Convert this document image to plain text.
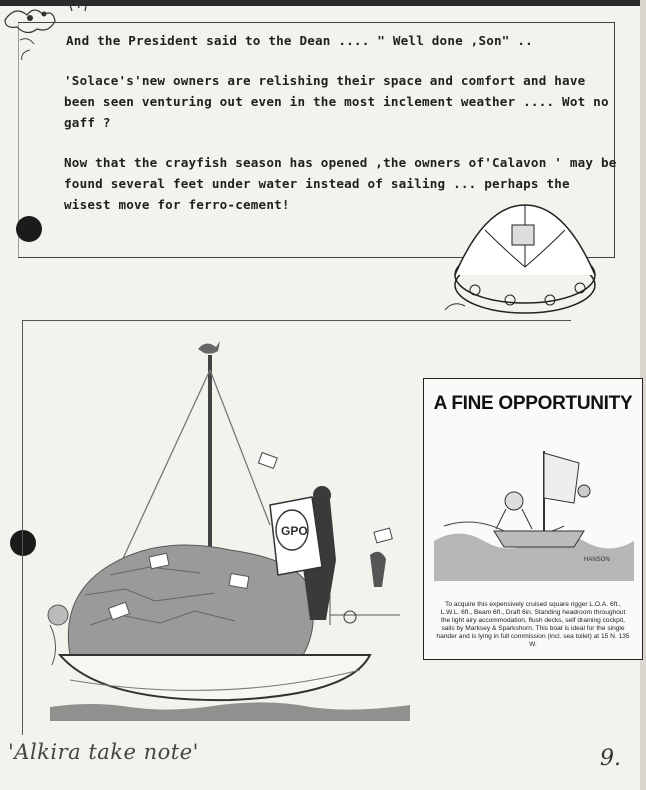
And the President said to the Dean .... " Well done ,Son" ..
'Solace's'new owners are relishing their space and comfort and have been seen venturing out even in the most inclement weather .... Wot no gaff ?
Now that the crayfish season has opened ,the owners of'Calavon ' may be found several feet under water instead of sailing ... perhaps the wisest move for ferro-cement!
GPO
A FINE OPPORTUNITY
HANSON
To acquire this expensively cruised square rigger L.O.A. 6ft., L.W.L. 6ft., Beam 6ft., Draft 6in. Standing headroom throughout the light airy accommodation, flush decks, self draining cockpit, sails by Marksey & Sparkshorn. This boat is ideal for the single hander and is lying in full commission (incl. sea toilet) at 15 N. 135 W.
'Alkira take note'	9.
